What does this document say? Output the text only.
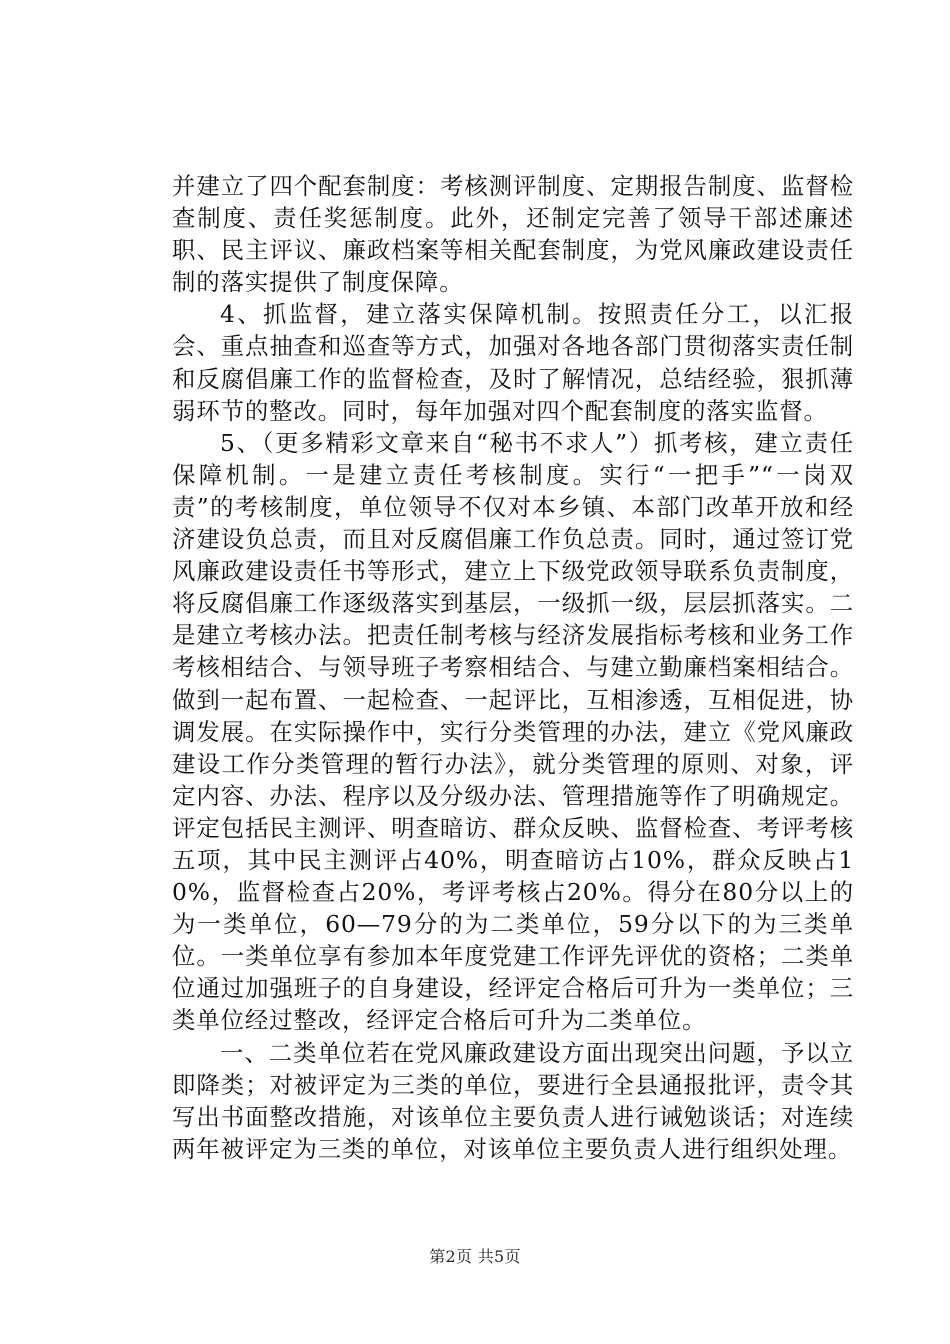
并建立了四个配套制度：考核测评制度、定期报告制度、监督检查制度、责任奖惩制度。此外，还制定完善了领导干部述廉述职、民主评议、廉政档案等相关配套制度，为党风廉政建设责任制的落实提供了制度保障。

4、抓监督，建立落实保障机制。按照责任分工，以汇报会、重点抽查和巡查等方式，加强对各地各部门贯彻落实责任制和反腐倡廉工作的监督检查，及时了解情况，总结经验，狠抓薄弱环节的整改。同时，每年加强对四个配套制度的落实监督。

5、（更多精彩文章来自“秘书不求人”）抓考核，建立责任保障机制。一是建立责任考核制度。实行“一把手”“一岗双责”的考核制度，单位领导不仅对本乡镇、本部门改革开放和经济建设负总责，而且对反腐倡廉工作负总责。同时，通过签订党风廉政建设责任书等形式，建立上下级党政领导联系负责制度，将反腐倡廉工作逐级落实到基层，一级抓一级，层层抓落实。二是建立考核办法。把责任制考核与经济发展指标考核和业务工作考核相结合、与领导班子考察相结合、与建立勤廉档案相结合。做到一起布置、一起检查、一起评比，互相渗透，互相促进，协调发展。在实际操作中，实行分类管理的办法，建立《党风廉政建设工作分类管理的暂行办法》，就分类管理的原则、对象，评定内容、办法、程序以及分级办法、管理措施等作了明确规定。评定包括民主测评、明查暗访、群众反映、监督检查、考评考核五项，其中民主测评占40%，明查暗访占10%，群众反映占10%，监督检查占20%，考评考核占20%。得分在80分以上的为一类单位，60—79分的为二类单位，59分以下的为三类单位。一类单位享有参加本年度党建工作评先评优的资格；二类单位通过加强班子的自身建设，经评定合格后可升为一类单位；三类单位经过整改，经评定合格后可升为二类单位。

一、二类单位若在党风廉政建设方面出现突出问题，予以立即降类；对被评定为三类的单位，要进行全县通报批评，责令其写出书面整改措施，对该单位主要负责人进行诫勉谈话；对连续两年被评定为三类的单位，对该单位主要负责人进行组织处理。

第2页 共5页
